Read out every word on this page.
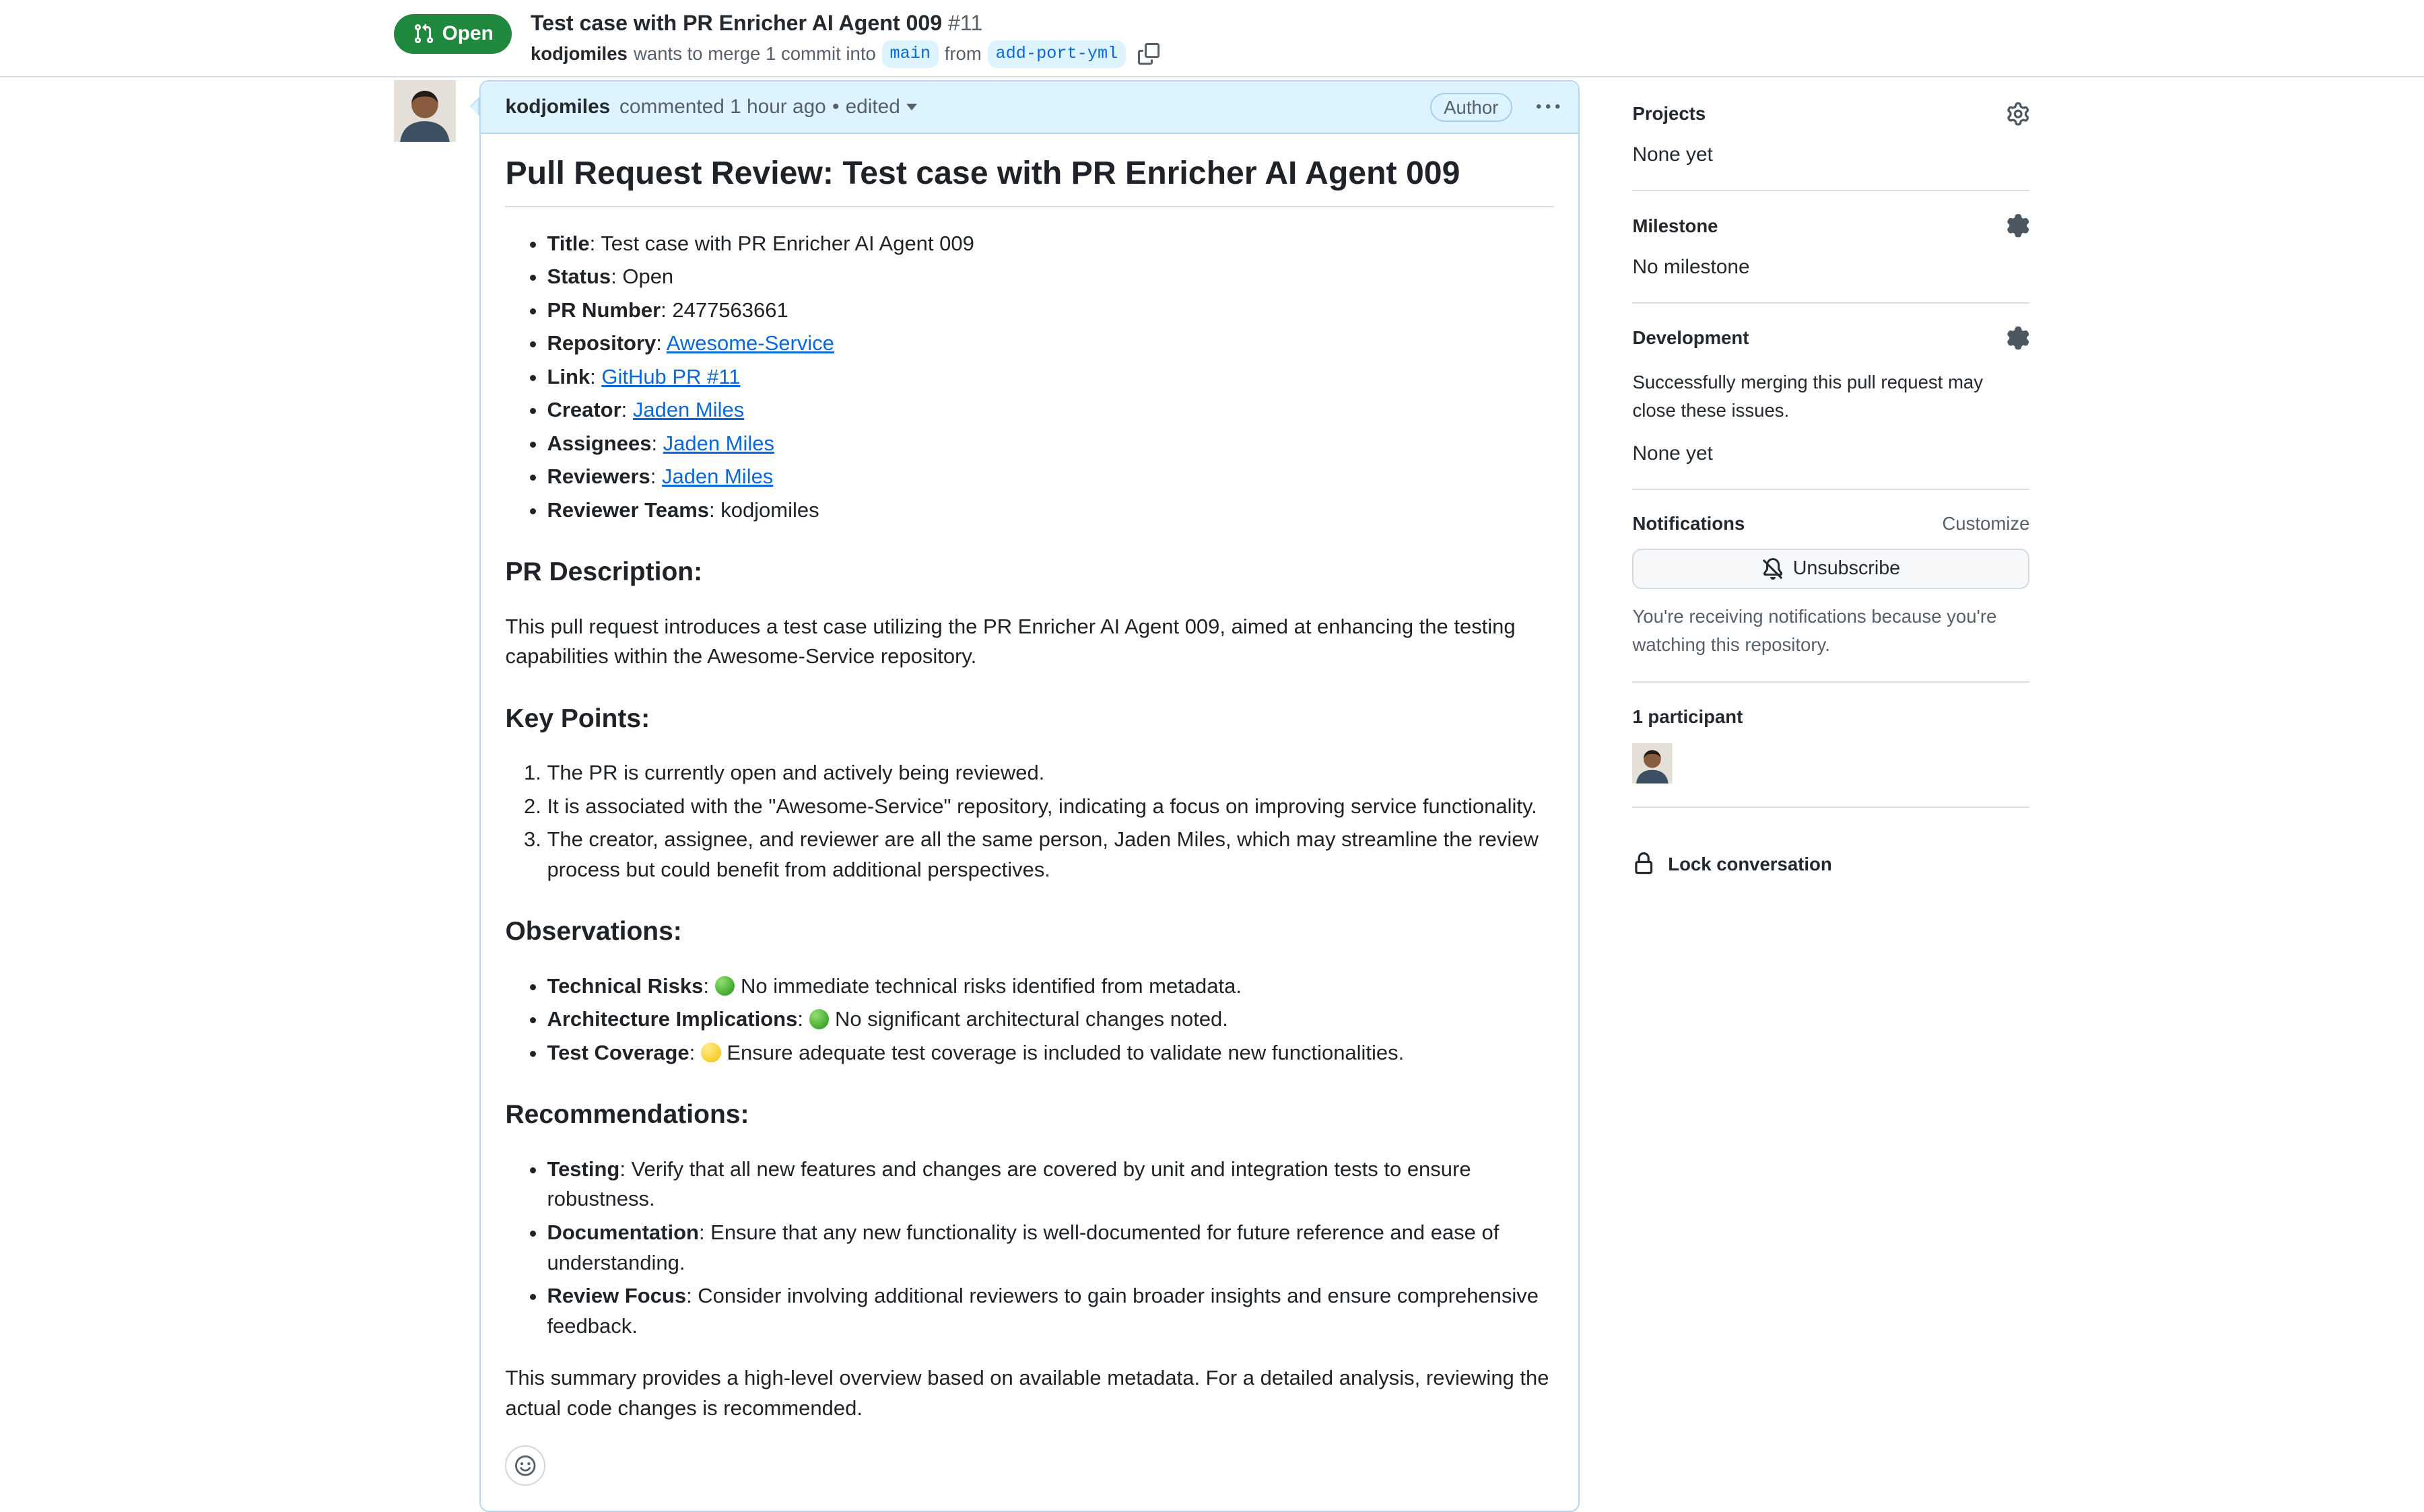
Open	Test case with PR Enricher AI Agent 009 #11
kodjomiles wants to merge 1 commit into	main	from	add-port-yml
kodjomiles commented 1 hour ago • edited	Author
Pull Request Review: Test case with PR Enricher AI Agent 009
• Title: Test case with PR Enricher AI Agent 009
• Status: Open
• PR Number: 2477563661
• Repository: Awesome-Service
• Link: GitHub PR #11
• Creator: Jaden Miles
• Assignees: Jaden Miles
• Reviewers: Jaden Miles
• Reviewer Teams: kodjomiles
PR Description:

This pull request introduces a test case utilizing the PR Enricher AI Agent 009, aimed at enhancing the testing capabilities within the Awesome-Service repository.

Key Points:
1. The PR is currently open and actively being reviewed.
2. It is associated with the "Awesome-Service" repository, indicating a focus on improving service functionality.
3. The creator, assignee, and reviewer are all the same person, Jaden Miles, which may streamline the review process but could benefit from additional perspectives.
Observations:
• Technical Risks:	No immediate technical risks identified from metadata.
• Architecture Implications:	No significant architectural changes noted.
• Test Coverage:	Ensure adequate test coverage is included to validate new functionalities.
Recommendations:
• Testing: Verify that all new features and changes are covered by unit and integration tests to ensure robustness.
• Documentation: Ensure that any new functionality is well-documented for future reference and ease of understanding.
• Review Focus: Consider involving additional reviewers to gain broader insights and ensure comprehensive feedback.

This summary provides a high-level overview based on available metadata. For a detailed analysis, reviewing the actual code changes is recommended.

Projects
None yet
Milestone
No milestone
Development
Successfully merging this pull request may close these issues.
None yet
Notifications	Customize
Unsubscribe
You're receiving notifications because you're watching this repository.
1 participant
Lock conversation
